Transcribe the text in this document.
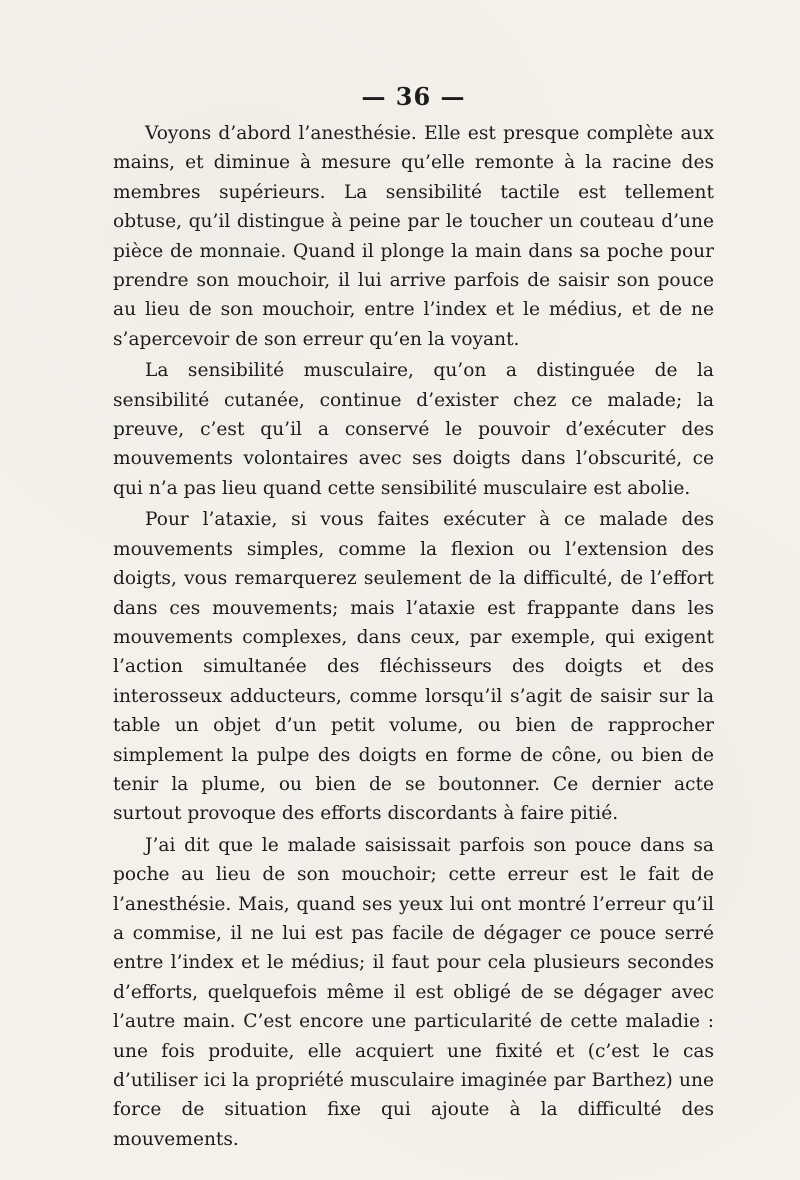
— 36 —

Voyons d’abord l’anesthésie. Elle est presque complète aux mains, et diminue à mesure qu’elle remonte à la racine des membres supérieurs. La sensibilité tactile est tellement obtuse, qu’il distingue à peine par le toucher un couteau d’une pièce de monnaie. Quand il plonge la main dans sa poche pour prendre son mouchoir, il lui arrive parfois de saisir son pouce au lieu de son mouchoir, entre l’index et le médius, et de ne s’apercevoir de son erreur qu’en la voyant.

La sensibilité musculaire, qu’on a distinguée de la sensibilité cutanée, continue d’exister chez ce malade; la preuve, c’est qu’il a conservé le pouvoir d’exécuter des mouvements volontaires avec ses doigts dans l’obscurité, ce qui n’a pas lieu quand cette sensibilité musculaire est abolie.

Pour l’ataxie, si vous faites exécuter à ce malade des mouvements simples, comme la flexion ou l’extension des doigts, vous remarquerez seulement de la difficulté, de l’effort dans ces mouvements; mais l’ataxie est frappante dans les mouvements complexes, dans ceux, par exemple, qui exigent l’action simultanée des fléchisseurs des doigts et des interosseux adducteurs, comme lorsqu’il s’agit de saisir sur la table un objet d’un petit volume, ou bien de rapprocher simplement la pulpe des doigts en forme de cône, ou bien de tenir la plume, ou bien de se boutonner. Ce dernier acte surtout provoque des efforts discordants à faire pitié.

J’ai dit que le malade saisissait parfois son pouce dans sa poche au lieu de son mouchoir; cette erreur est le fait de l’anesthésie. Mais, quand ses yeux lui ont montré l’erreur qu’il a commise, il ne lui est pas facile de dégager ce pouce serré entre l’index et le médius; il faut pour cela plusieurs secondes d’efforts, quelquefois même il est obligé de se dégager avec l’autre main. C’est encore une particularité de cette maladie : une fois produite, elle acquiert une fixité et (c’est le cas d’utiliser ici la propriété musculaire imaginée par Barthez) une force de situation fixe qui ajoute à la difficulté des mouvements.
